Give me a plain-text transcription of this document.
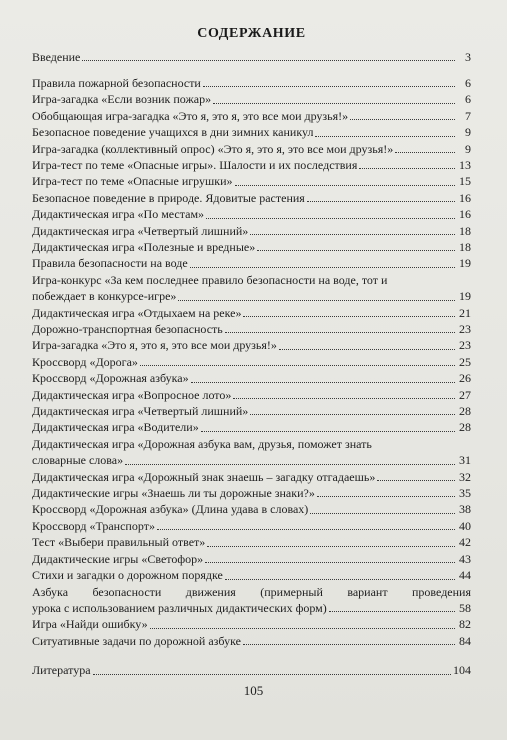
СОДЕРЖАНИЕ
Введение	3
Правила пожарной безопасности	6
Игра-загадка «Если возник пожар»	6
Обобщающая игра-загадка «Это я, это я, это все мои друзья!»	7
Безопасное поведение учащихся в дни зимних каникул	9
Игра-загадка (коллективный опрос) «Это я, это я, это все мои друзья!»	9
Игра-тест по теме «Опасные игры». Шалости и их последствия	13
Игра-тест по теме «Опасные игрушки»	15
Безопасное поведение в природе. Ядовитые растения	16
Дидактическая игра «По местам»	16
Дидактическая игра «Четвертый лишний»	18
Дидактическая игра «Полезные и вредные»	18
Правила безопасности на воде	19
Игра-конкурс «За кем последнее правило безопасности на воде, тот и
побеждает в конкурсе-игре»	19
Дидактическая игра «Отдыхаем на реке»	21
Дорожно-транспортная безопасность	23
Игра-загадка «Это я, это я, это все мои друзья!»	23
Кроссворд «Дорога»	25
Кроссворд «Дорожная азбука»	26
Дидактическая игра «Вопросное лото»	27
Дидактическая игра «Четвертый лишний»	28
Дидактическая игра «Водители»	28
Дидактическая игра «Дорожная азбука вам, друзья, поможет знать
словарные слова»	31
Дидактическая игра «Дорожный знак знаешь – загадку отгадаешь»	32
Дидактические игры «Знаешь ли ты дорожные знаки?»	35
Кроссворд «Дорожная азбука» (Длина удава в словах)	38
Кроссворд «Транспорт»	40
Тест «Выбери правильный ответ»	42
Дидактические игры «Светофор»	43
Стихи и загадки о дорожном порядке	44
Азбука безопасности движения (примерный вариант проведения
урока с использованием различных дидактических форм)	58
Игра «Найди ошибку»	82
Ситуативные задачи по дорожной азбуке	84
Литература	104
105
